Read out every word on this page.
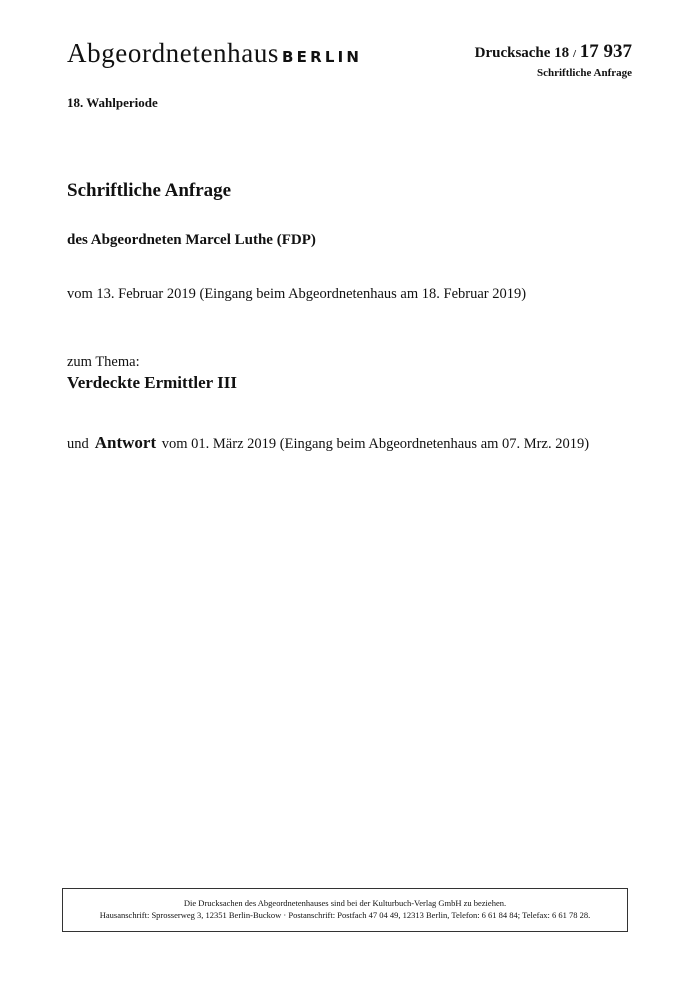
Abgeordnetenhaus BERLIN	Drucksache 18 / 17 937
Schriftliche Anfrage
18. Wahlperiode
Schriftliche Anfrage
des Abgeordneten Marcel Luthe (FDP)
vom 13. Februar 2019 (Eingang beim Abgeordnetenhaus am 18. Februar 2019)
zum Thema:
Verdeckte Ermittler III
und Antwort vom 01. März 2019 (Eingang beim Abgeordnetenhaus am 07. Mrz. 2019)
Die Drucksachen des Abgeordnetenhauses sind bei der Kulturbuch-Verlag GmbH zu beziehen.
Hausanschrift: Sprosserweg 3, 12351 Berlin-Buckow · Postanschrift: Postfach 47 04 49, 12313 Berlin, Telefon: 6 61 84 84; Telefax: 6 61 78 28.
